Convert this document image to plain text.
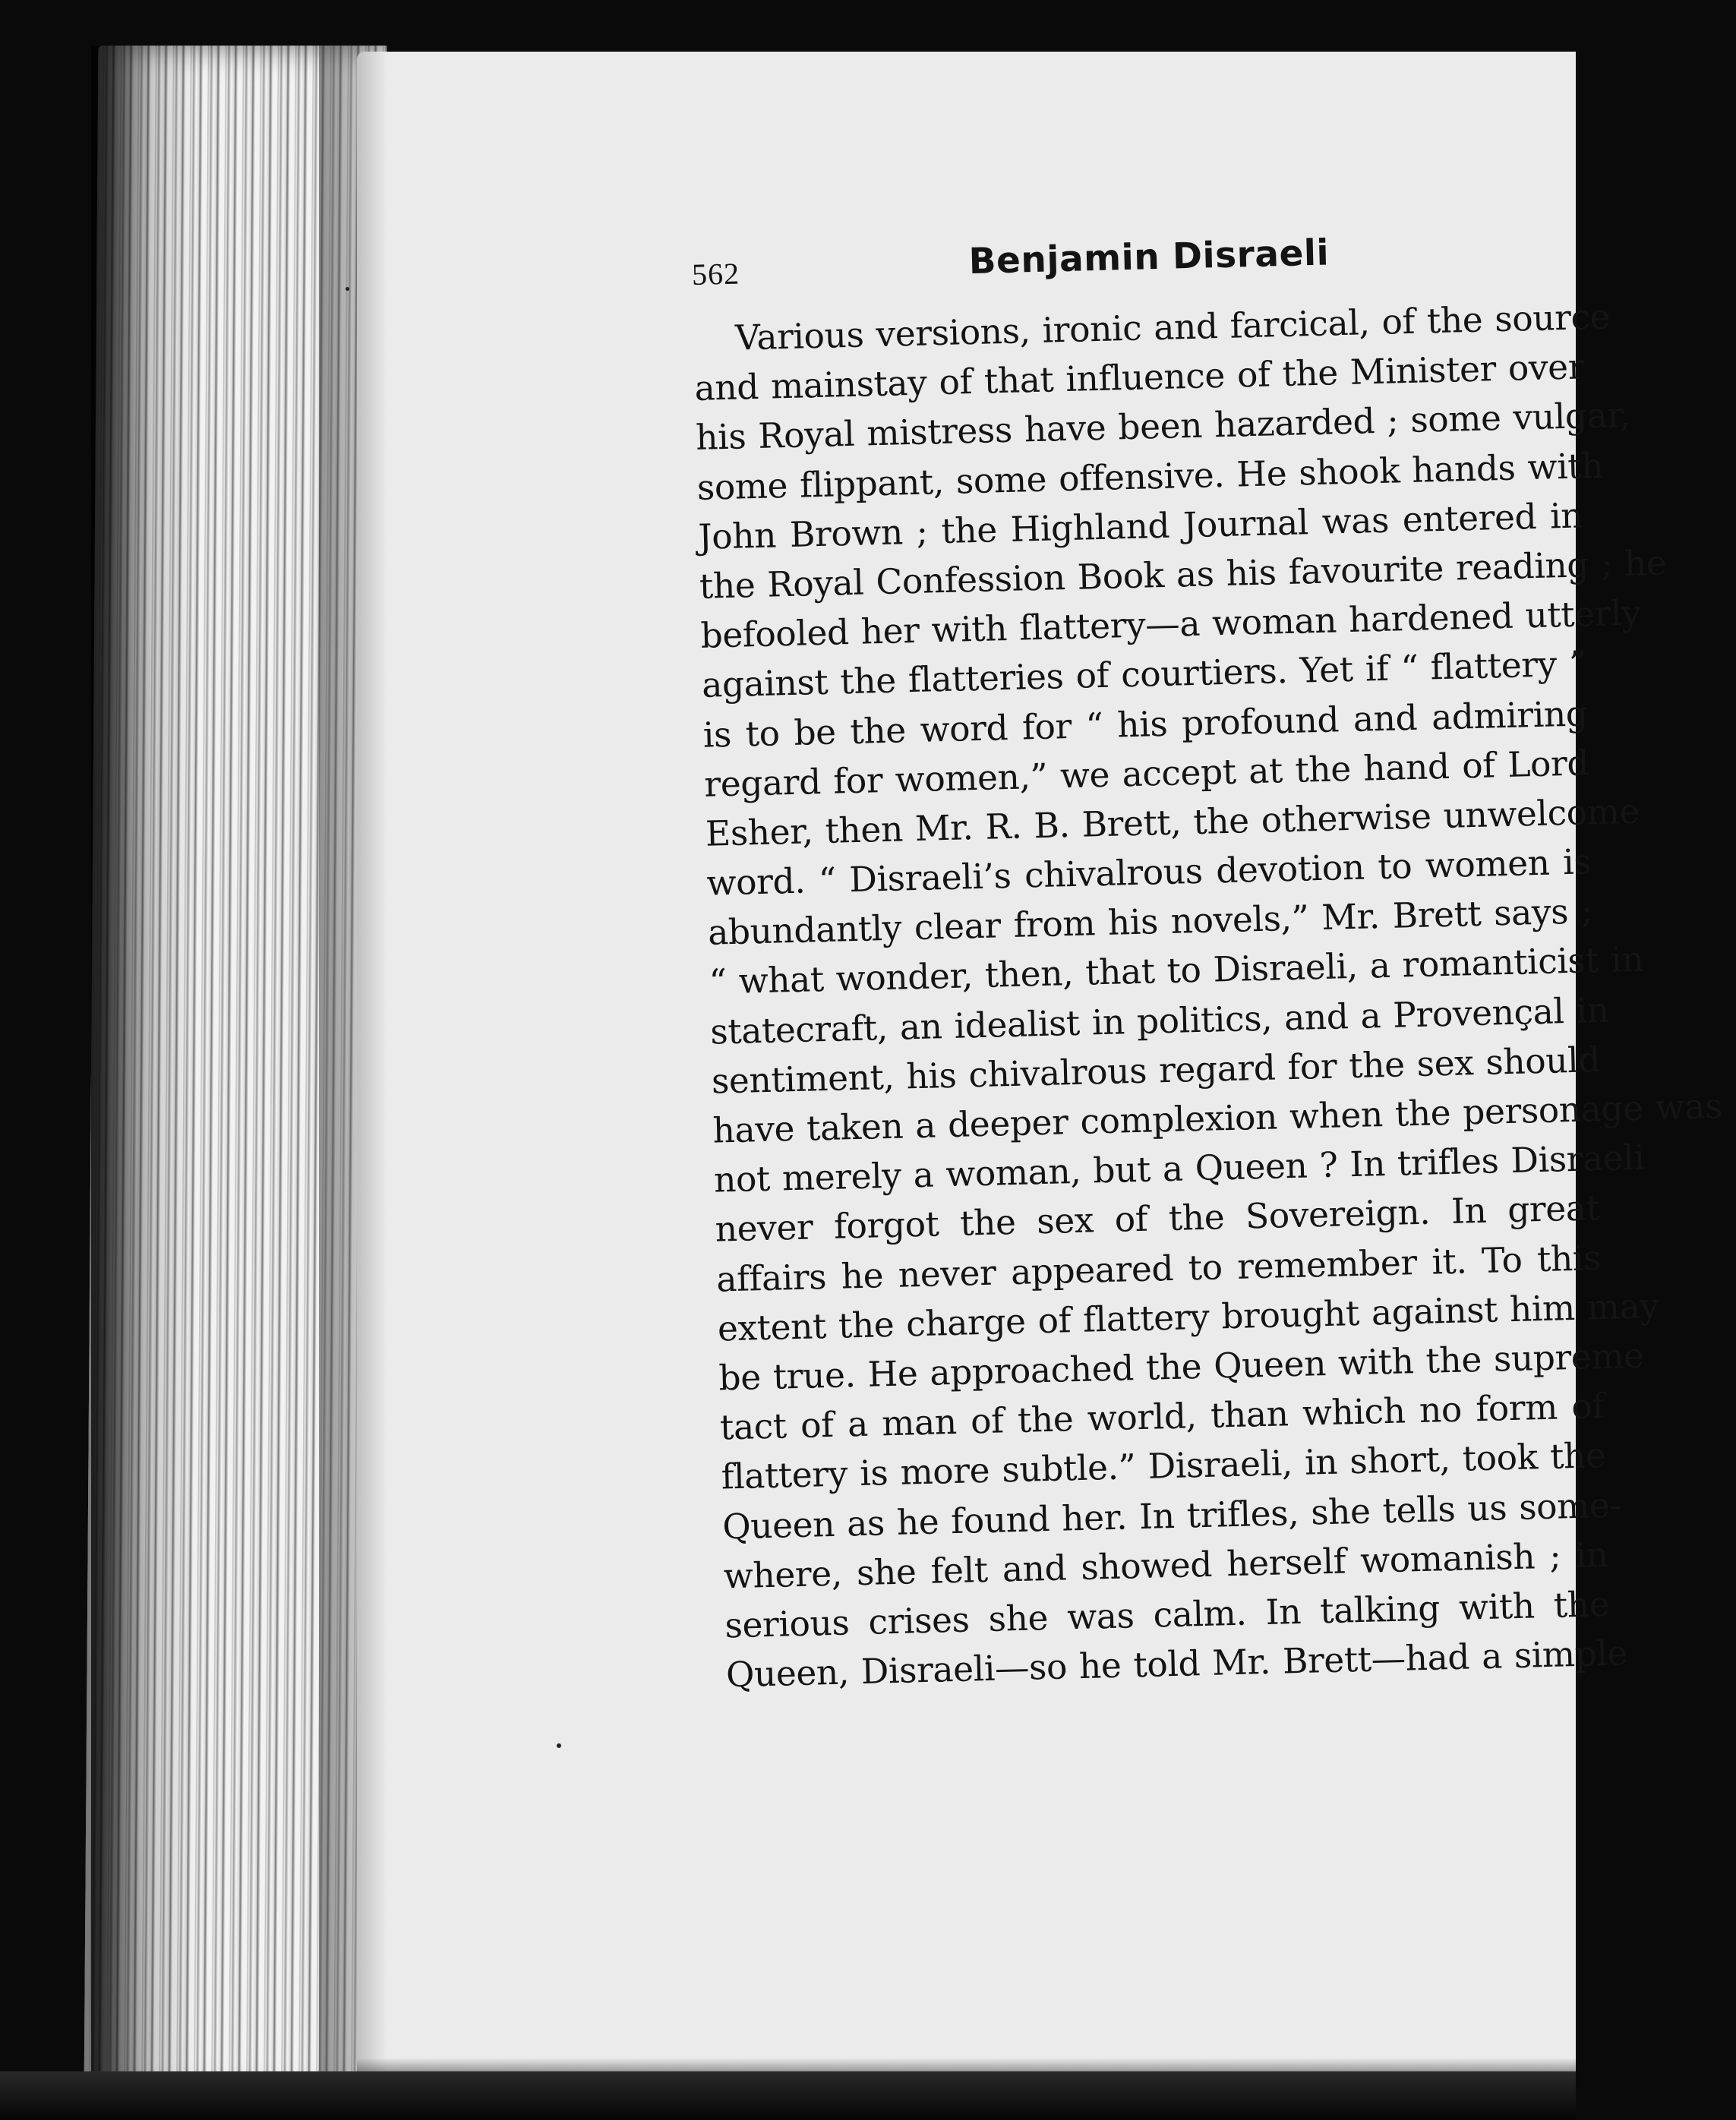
562	Benjamin Disraeli
Various versions, ironic and farcical, of the source
and mainstay of that influence of the Minister over
his Royal mistress have been hazarded ; some vulgar,
some flippant, some offensive. He shook hands with
John Brown ; the Highland Journal was entered in
the Royal Confession Book as his favourite reading ; he
befooled her with flattery—a woman hardened utterly
against the flatteries of courtiers. Yet if “ flattery ”
is to be the word for “ his profound and admiring
regard for women,” we accept at the hand of Lord
Esher, then Mr. R. B. Brett, the otherwise unwelcome
word. “ Disraeli’s chivalrous devotion to women is
abundantly clear from his novels,” Mr. Brett says ;
“ what wonder, then, that to Disraeli, a romanticist in
statecraft, an idealist in politics, and a Provençal in
sentiment, his chivalrous regard for the sex should
have taken a deeper complexion when the personage was
not merely a woman, but a Queen ? In trifles Disraeli
never forgot the sex of the Sovereign. In great
affairs he never appeared to remember it. To this
extent the charge of flattery brought against him may
be true. He approached the Queen with the supreme
tact of a man of the world, than which no form of
flattery is more subtle.” Disraeli, in short, took the
Queen as he found her. In trifles, she tells us some-
where, she felt and showed herself womanish ; in
serious crises she was calm. In talking with the
Queen, Disraeli—so he told Mr. Brett—had a simple
